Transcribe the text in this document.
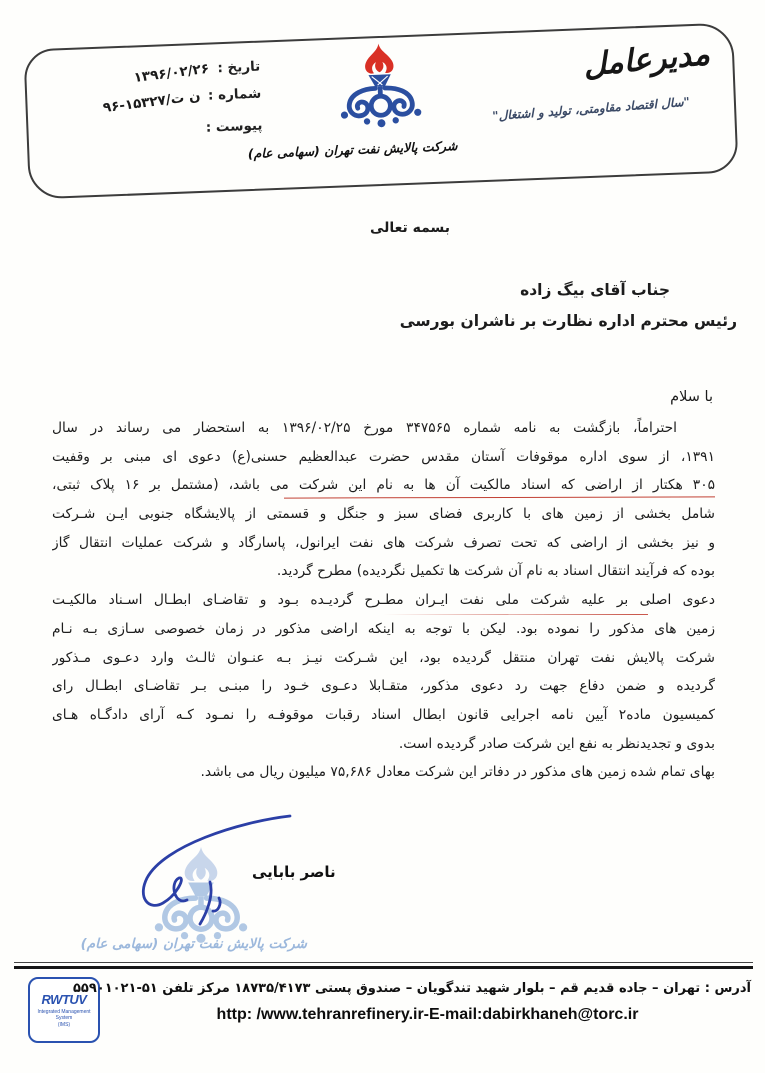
تاریخ :
۱۳۹۶/۰۲/۲۶
شماره :
ن ت/۱۵۳۲۷-۹۶
پیوست :
شرکت پالایش نفت تهران (سهامی عام)
مدیرعامل
"سال اقتصاد مقاومتی، تولید و اشتغال"
بسمه تعالی
جناب آقای بیگ زاده
رئیس محترم اداره نظارت بر ناشران بورسی
با سلام
احتراماً، بازگشت به نامه شماره ۳۴۷۵۶۵ مورخ ۱۳۹۶/۰۲/۲۵ به استحضار می رساند در سال
۱۳۹۱، از سوی اداره موقوفات آستان مقدس حضرت عبدالعظیم حسنی(ع) دعوی ای مبنی بر وقفیت
۳۰۵ هکتار از اراضی که اسناد مالکیت آن ها به نام این شرکت می باشد، (مشتمل بر ۱۶ پلاک ثبتی،
شامل بخشی از زمین های با کاربری فضای سبز و جنگل و قسمتی از پالایشگاه جنوبی ایـن شـرکت
و نیز بخشی از اراضی که تحت تصرف شرکت های نفت ایرانول، پاسارگاد و شرکت عملیات انتقال گاز
بوده که فرآیند انتقال اسناد به نام آن شرکت ها تکمیل نگردیده) مطرح گردید.
دعوی اصلی بر علیه شرکت ملی نفت ایـران مطـرح گردیـده بـود و تقاضـای ابطـال اسـناد مالکیـت
زمین های مذکور را نموده بود. لیکن با توجه به اینکه اراضی مذکور در زمان خصوصی سـازی بـه نـام
شرکت پالایش نفت تهران منتقل گردیده بود، این شـرکت نیـز بـه عنـوان ثالـث وارد دعـوی مـذکور
گردیده و ضمن دفاع جهت رد دعوی مذکور، متقـابلا دعـوی خـود را مبنـی بـر تقاضـای ابطـال رای
کمیسیون ماده۲ آیین نامه اجرایی قانون ابطال اسناد رقبات موقوفـه را نمـود کـه آرای دادگـاه هـای
بدوی و تجدیدنظر به نفع این شرکت صادر گردیده است.
بهای تمام شده زمین های مذکور در دفاتر این شرکت معادل ۷۵,۶۸۶ میلیون ریال می باشد.
شرکت پالایش نفت تهران (سهامی عام)
ناصر بابایی
RWTUV
Integrated Management
System
(IMS)
آدرس : تهران – جاده قدیم قم – بلوار شهید تندگویان – صندوق پستی ۱۸۷۳۵/۴۱۷۳ مرکز تلفن ۵۱-۵۵۹۰۱۰۲۱
http: /www.tehranrefinery.ir-E-mail:dabirkhaneh@torc.ir
